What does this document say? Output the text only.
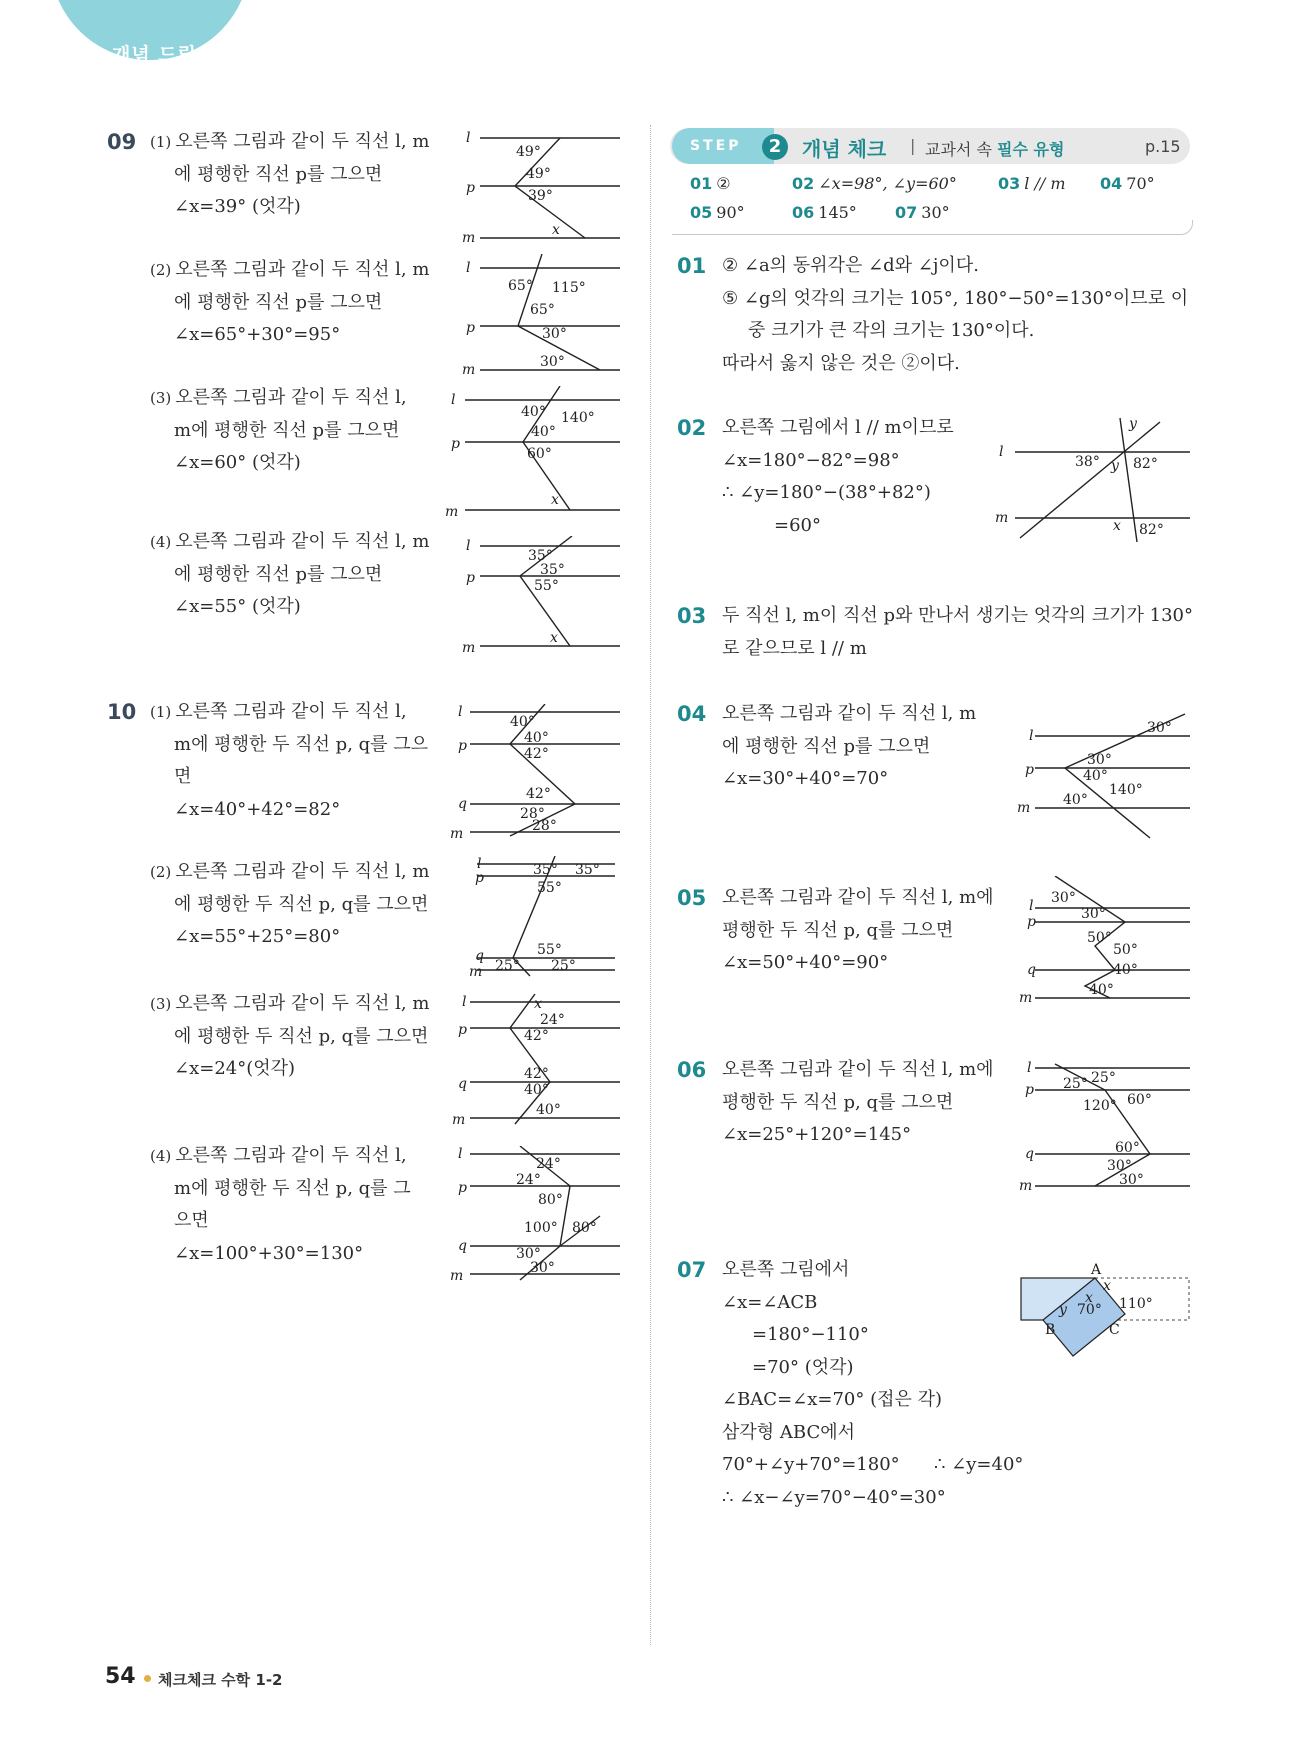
개념 드릴
09 (1) 오른쪽 그림과 같이 두 직선 l, m
에 평행한 직선 p를 그으면
∠x=39° (엇각)
l
p
m
49°
49°
39°
x
(2) 오른쪽 그림과 같이 두 직선 l, m
에 평행한 직선 p를 그으면
∠x=65°+30°=95°
l
p
m
65° 115°
65°
30°
30°
(3) 오른쪽 그림과 같이 두 직선 l,
m에 평행한 직선 p를 그으면
∠x=60° (엇각)
l
p
m
40° 140°
40°
60°
x
(4) 오른쪽 그림과 같이 두 직선 l, m
에 평행한 직선 p를 그으면
∠x=55° (엇각)
l
p
m
35°
35°
55°
x
10 (1) 오른쪽 그림과 같이 두 직선 l,
m에 평행한 두 직선 p, q를 그으
면
∠x=40°+42°=82°
l
p
q
m
40°
40°
42°
42°
28°
28°
(2) 오른쪽 그림과 같이 두 직선 l, m
에 평행한 두 직선 p, q를 그으면
∠x=55°+25°=80°
l
p
q
m
35° 35°
55°
55°
25° 25°
(3) 오른쪽 그림과 같이 두 직선 l, m
에 평행한 두 직선 p, q를 그으면
∠x=24°(엇각)
l
p
q
m
x
24°
42°
42°
40°
40°
(4) 오른쪽 그림과 같이 두 직선 l,
m에 평행한 두 직선 p, q를 그
으면
∠x=100°+30°=130°
l
p
q
m
24°
24°
80°
100° 80°
30°
30°
STEP	2	개념 체크 | 교과서 속 필수 유형	p.15
01 ②	02 ∠x=98°, ∠y=60°	03 l // m 04 70°
05 90°	06 145° 07 30°
01 ② ∠a의 동위각은 ∠d와 ∠j이다.
⑤ ∠g의 엇각의 크기는 105°, 180°−50°=130°이므로 이
중 크기가 큰 각의 크기는 130°이다.
따라서 옳지 않은 것은 ②이다.
02 오른쪽 그림에서 l // m이므로
∠x=180°−82°=98°
∴ ∠y=180°−(38°+82°)
=60°
l
m
y
38° y 82°
x 82°
03 두 직선 l, m이 직선 p와 만나서 생기는 엇각의 크기가 130°
로 같으므로 l // m
04 오른쪽 그림과 같이 두 직선 l, m
에 평행한 직선 p를 그으면
∠x=30°+40°=70°
l
p
m
30°
30°
40°
40°
140°
05 오른쪽 그림과 같이 두 직선 l, m에
평행한 두 직선 p, q를 그으면
∠x=50°+40°=90°
l
p
q
m
30°
30°
50°
50°
40°
40°
06 오른쪽 그림과 같이 두 직선 l, m에
평행한 두 직선 p, q를 그으면
∠x=25°+120°=145°
l
p
q
m
25° 25°
120° 60°
60°
30°
30°
07 오른쪽 그림에서
∠x=∠ACB
=180°−110°
=70° (엇각)
∠BAC=∠x=70° (접은 각)
삼각형 ABC에서
70°+∠y+70°=180°      ∴ ∠y=40°
∴ ∠x−∠y=70°−40°=30°
A
B	C
x
x
y 70° 110°
54 체크체크 수학 1-2
